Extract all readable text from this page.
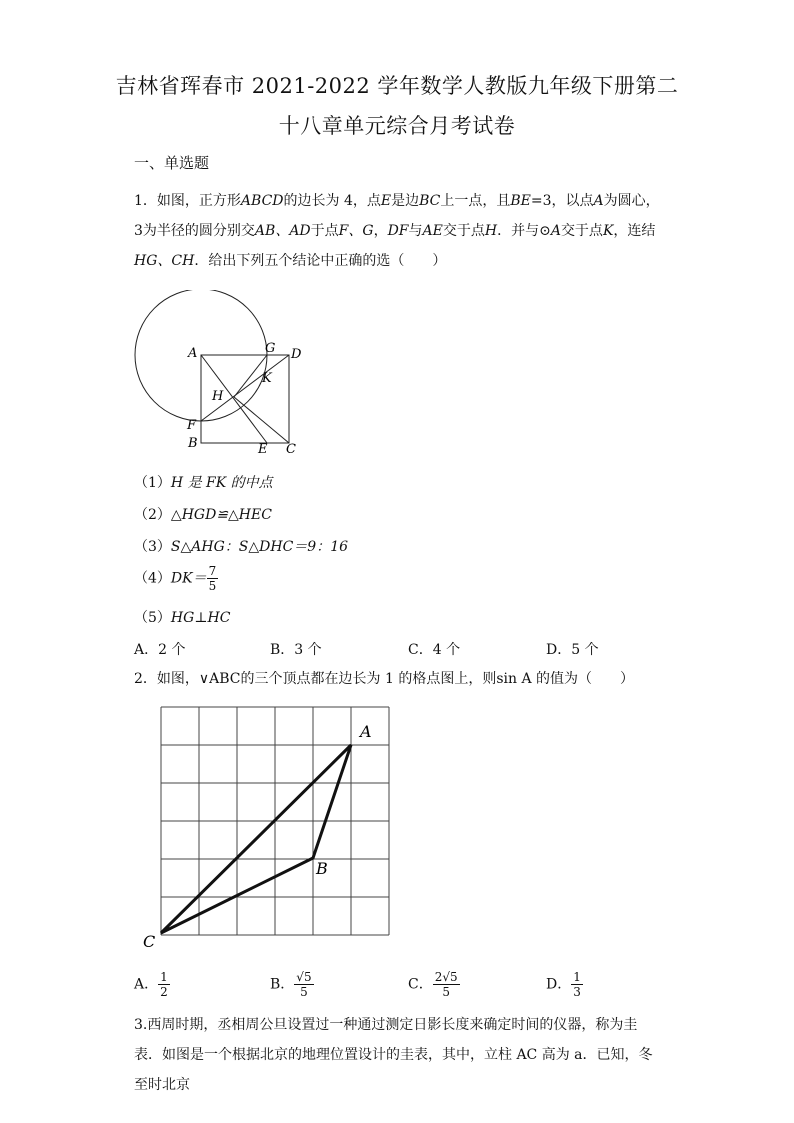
吉林省珲春市 2021-2022 学年数学人教版九年级下册第二
十八章单元综合月考试卷
一、单选题
1．如图，正方形ABCD的边长为 4，点E是边BC上一点，且BE=3，以点A为圆心，3为半径的圆分别交AB、AD于点F、G，DF与AE交于点H．并与⊙A交于点K，连结HG、CH．给出下列五个结论中正确的选（　　）
A	G D
K
H
F
B	E C
（1）H 是 FK 的中点
（2）△HGD≌△HEC
（3）S△AHG：S△DHC＝9：16
$(4)DK= \frac{7}{5}$
（5）HG⊥HC
A．2 个	B．3 个	C．4 个	D．5 个
2．如图，∨ABC的三个顶点都在边长为 1 的格点图上，则sin A 的值为（　　）
A
B
C
A． $\frac{1}{2}$	B． $\frac{√5}{5}$	C． $\frac{2√5}{5}$	D． $\frac{1}{3}$
3.西周时期，丞相周公旦设置过一种通过测定日影长度来确定时间的仪器，称为圭表．如图是一个根据北京的地理位置设计的圭表，其中，立柱 AC 高为 a．已知，冬至时北京
